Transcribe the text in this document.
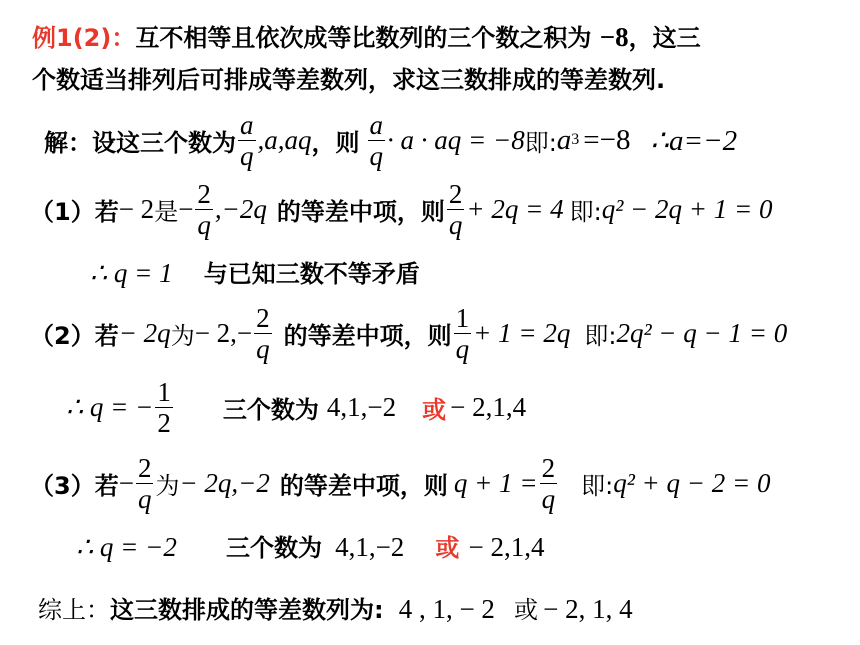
例1(2)：互不相等且依次成等比数列的三个数之积为 −8，这三
个数适当排列后可排成等差数列，求这三数排成的等差数列.
解：设这三个数为 $\frac{a}{q} ,a,aq$ ，则 $\frac{a}{q} \cdot a$ · aq = −8 即: a 3 =−8 ∴a=−2
（1）若 − 2 是 − $\frac{2}{q} ,-2q$ 的等差中项，则 $\frac{2}{q} + 2q = 4$ 即: q² − 2q + 1 = 0
∴ q = 1 与已知三数不等矛盾
（2）若 − 2q 为 − $2,- \frac{2}{q}$ 的等差中项，则 $\frac{1}{q} + 1 = 2q$ 即: 2q² − q − 1 = 0
∴ q = − $\frac{1}{2}$ 三个数为 4,1,−2 或 − 2,1,4
（3）若 − $\frac{2}{q}$ 为 − 2q,−2 的等差中项，则 $q + 1 = \frac{2}{q}$ 即: q² + q − 2 = 0
∴ q = −2 三个数为 4,1,−2 或 − 2,1,4
综上：这三数排成的等差数列为: 4 , 1, − 2 或 − 2, 1, 4
